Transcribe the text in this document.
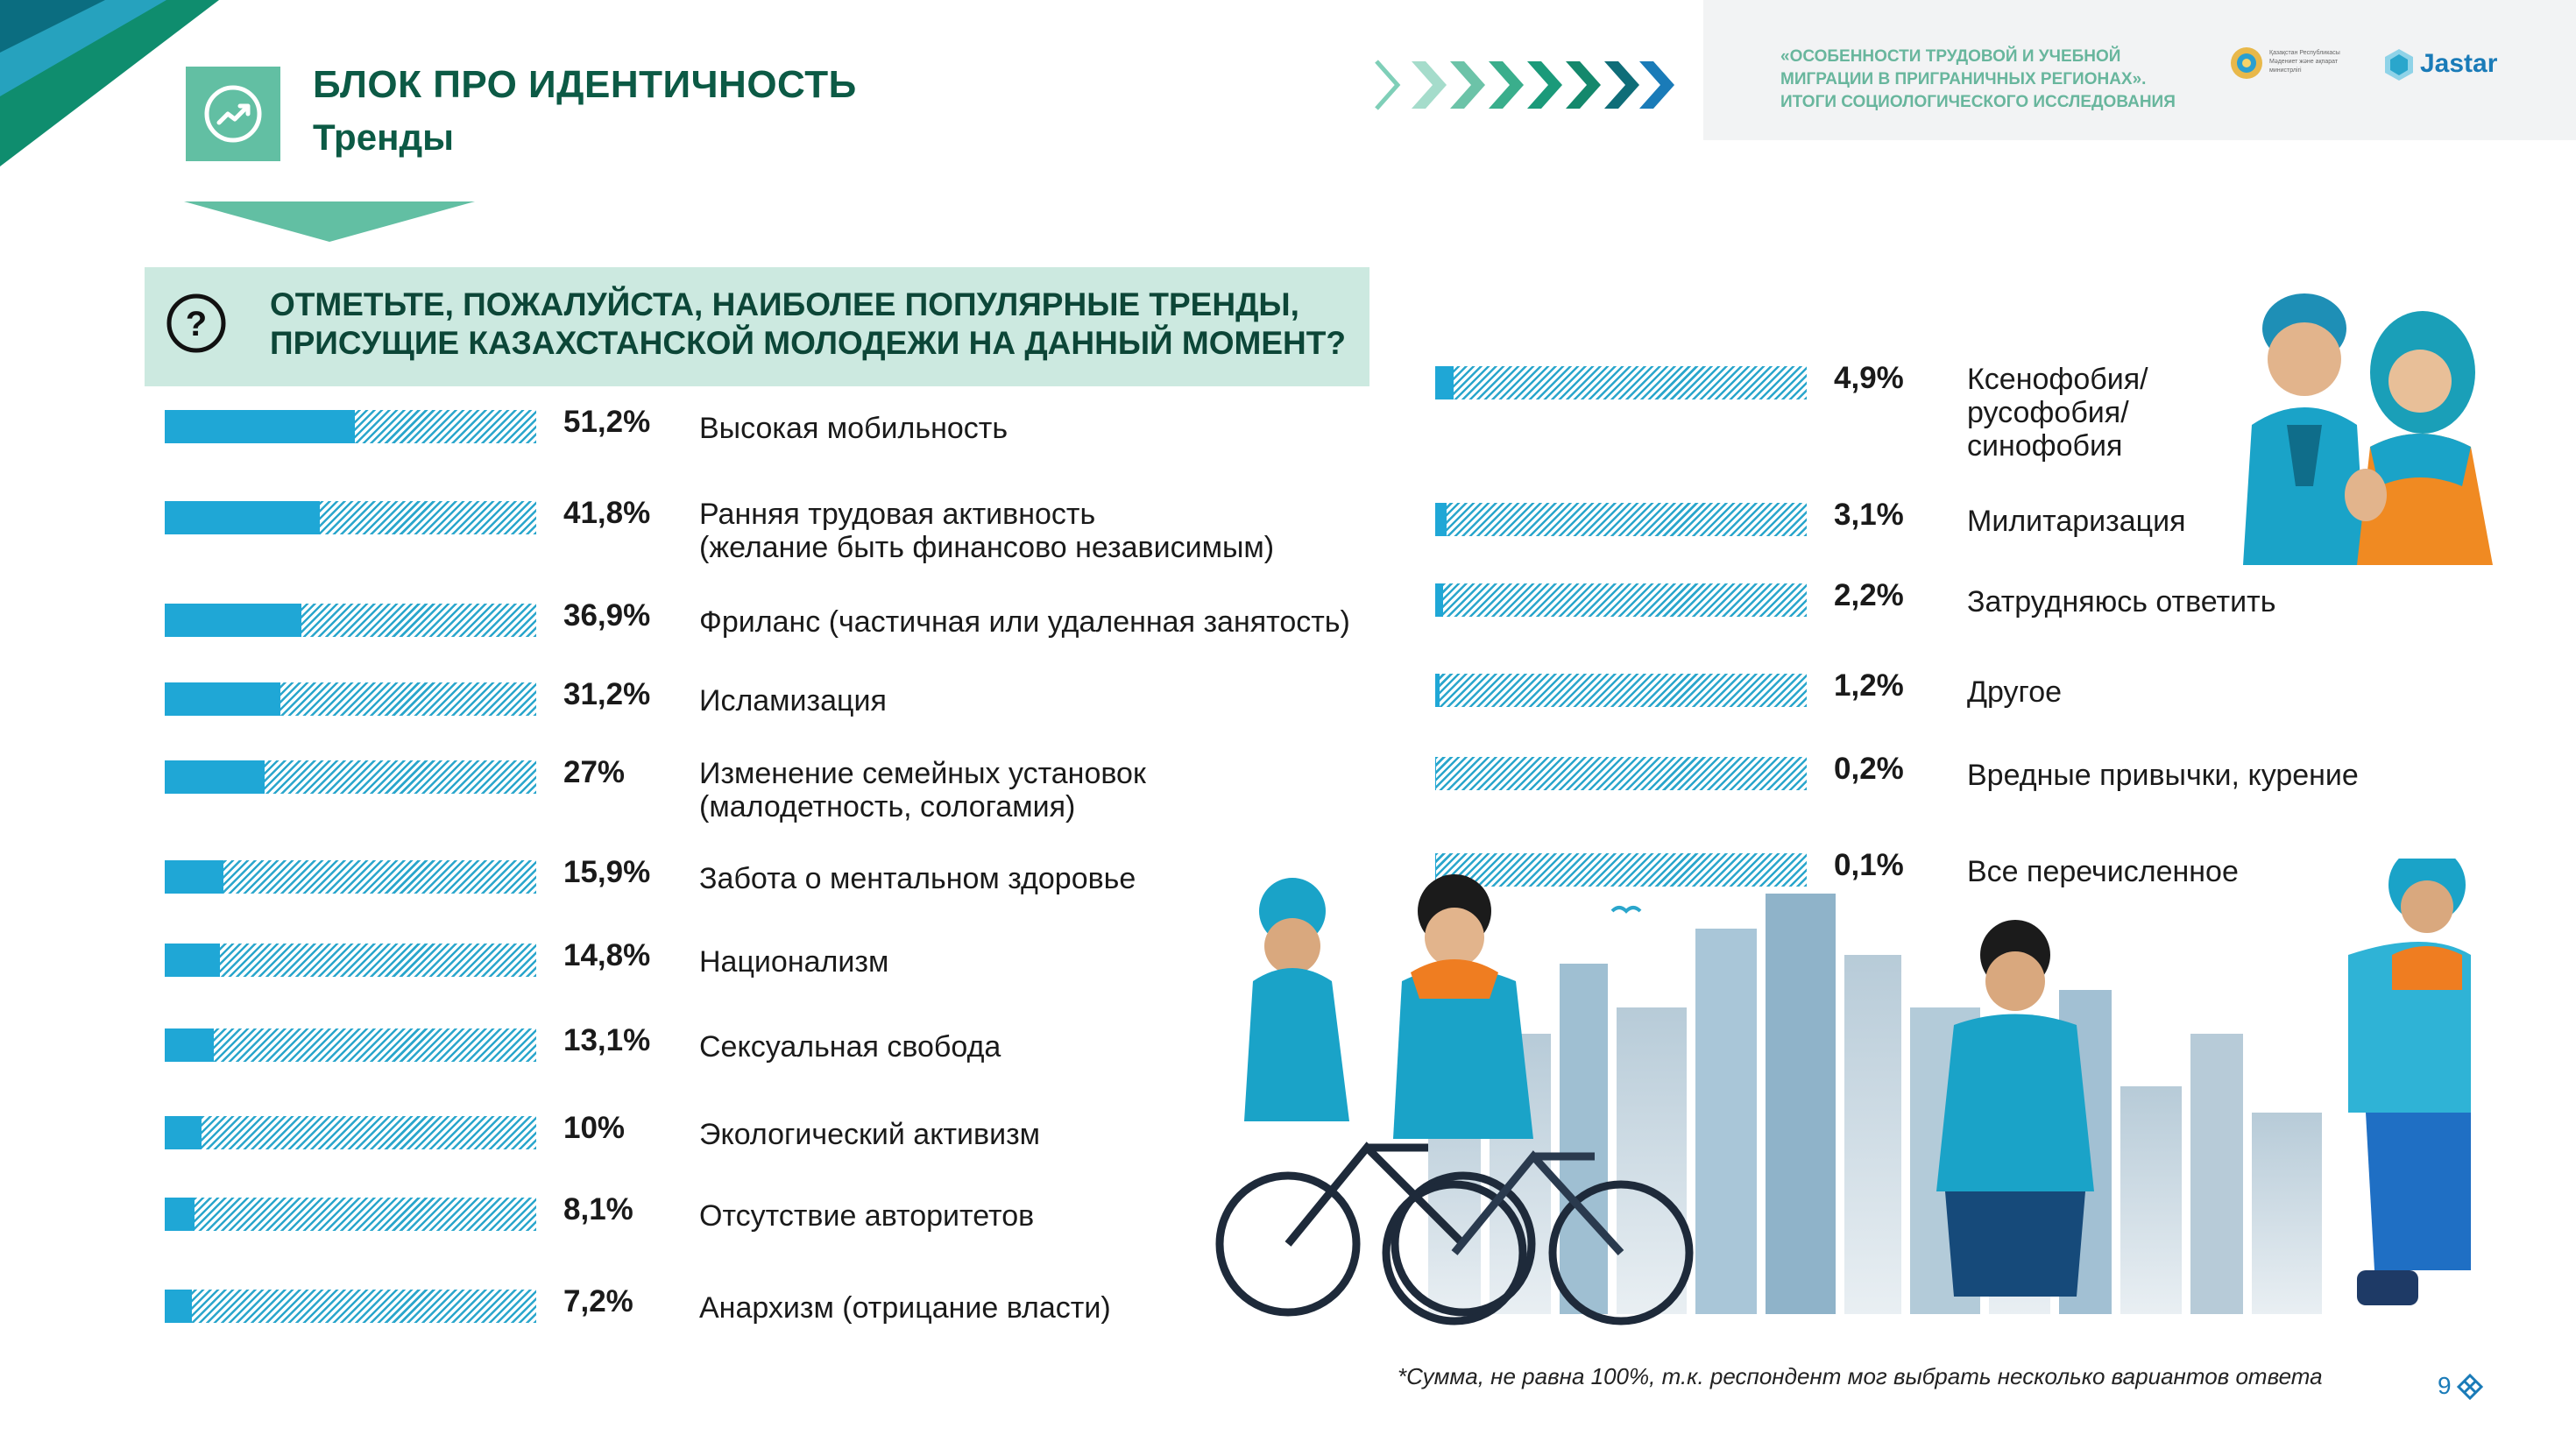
БЛОК ПРО ИДЕНТИЧНОСТЬ
Тренды
«ОСОБЕННОСТИ ТРУДОВОЙ И УЧЕБНОЙ
МИГРАЦИИ В ПРИГРАНИЧНЫХ РЕГИОНАХ».
ИТОГИ СОЦИОЛОГИЧЕСКОГО ИССЛЕДОВАНИЯ
Қазақстан Республикасы Мәдениет және ақпарат министрлігі	Jastar
?
ОТМЕТЬТЕ, ПОЖАЛУЙСТА, НАИБОЛЕЕ ПОПУЛЯРНЫЕ ТРЕНДЫ, ПРИСУЩИЕ КАЗАХСТАНСКОЙ МОЛОДЕЖИ НА ДАННЫЙ МОМЕНТ?
51,2% Высокая мобильность
41,8% Ранняя трудовая активность
(желание быть финансово независимым)
36,9% Фриланс (частичная или удаленная занятость)
31,2% Исламизация
27% Изменение семейных установок
(малодетность, сологамия)
15,9% Забота о ментальном здоровье
14,8% Национализм
13,1% Сексуальная свобода
10% Экологический активизм
8,1% Отсутствие авторитетов
7,2% Анархизм (отрицание власти)
4,9% Ксенофобия/
русофобия/
синофобия
3,1% Милитаризация
2,2% Затрудняюсь ответить
1,2% Другое
0,2% Вредные привычки, курение
0,1% Все перечисленное
*Сумма, не равна 100%, т.к. респондент мог выбрать несколько вариантов ответа	9
